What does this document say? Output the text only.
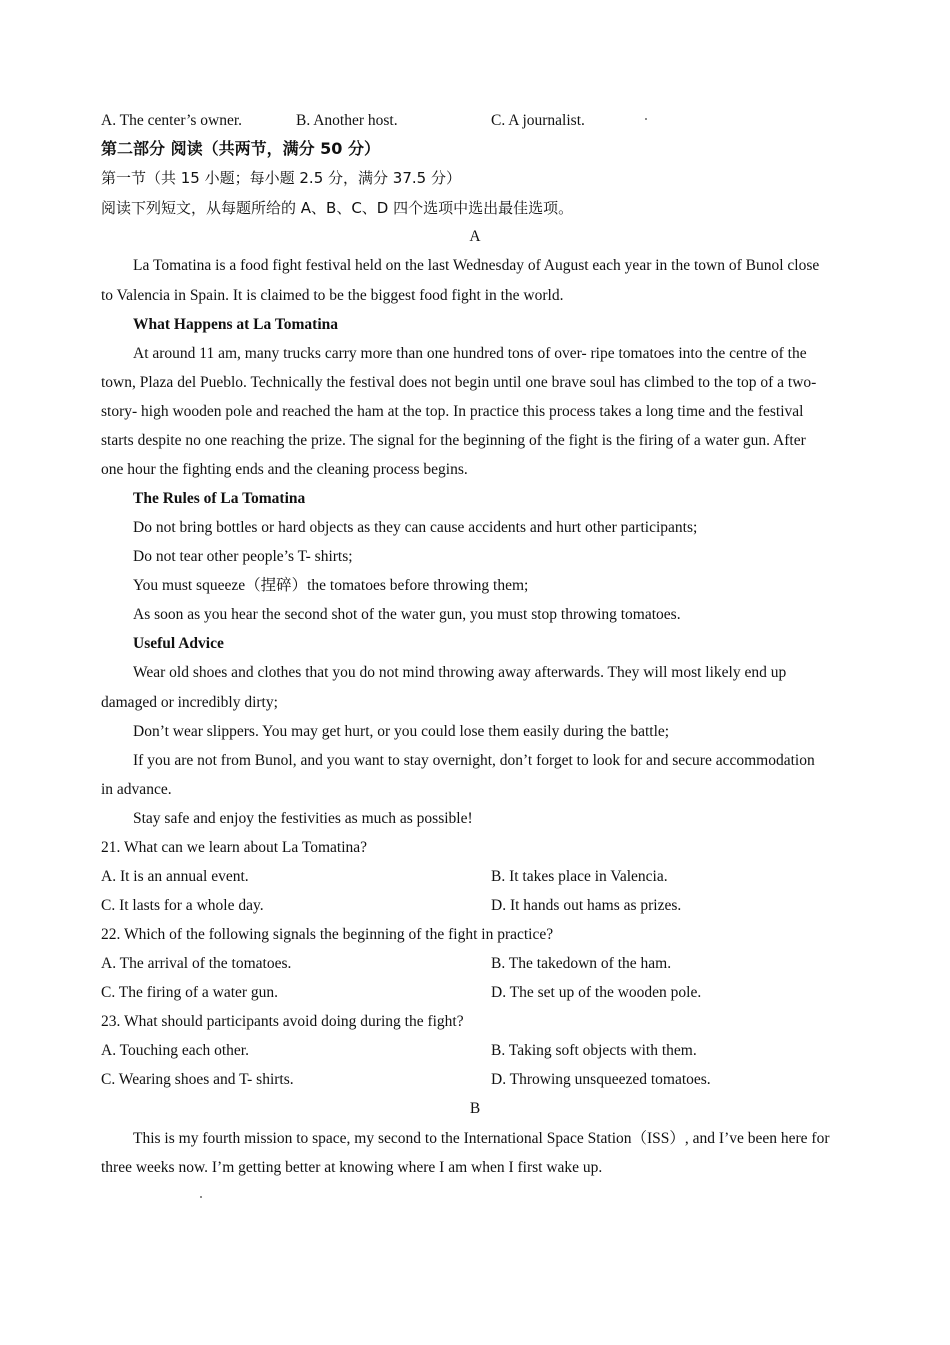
A. The center’s owner.	B. Another host.	C. A journalist.
第二部分 阅读（共两节，满分 50 分）
第一节（共 15 小题；每小题 2.5 分，满分 37.5 分）
阅读下列短文，从每题所给的 A、B、C、D 四个选项中选出最佳选项。
A
La Tomatina is a food fight festival held on the last Wednesday of August each year in the town of Bunol close
to Valencia in Spain. It is claimed to be the biggest food fight in the world.
What Happens at La Tomatina
At around 11 am, many trucks carry more than one hundred tons of over- ripe tomatoes into the centre of the
town, Plaza del Pueblo. Technically the festival does not begin until one brave soul has climbed to the top of a two-
story- high wooden pole and reached the ham at the top. In practice this process takes a long time and the festival
starts despite no one reaching the prize. The signal for the beginning of the fight is the firing of a water gun. After
one hour the fighting ends and the cleaning process begins.
The Rules of La Tomatina
Do not bring bottles or hard objects as they can cause accidents and hurt other participants;
Do not tear other people’s T- shirts;
You must squeeze（捏碎）the tomatoes before throwing them;
As soon as you hear the second shot of the water gun, you must stop throwing tomatoes.
Useful Advice
Wear old shoes and clothes that you do not mind throwing away afterwards. They will most likely end up
damaged or incredibly dirty;
Don’t wear slippers. You may get hurt, or you could lose them easily during the battle;
If you are not from Bunol, and you want to stay overnight, don’t forget to look for and secure accommodation
in advance.
Stay safe and enjoy the festivities as much as possible!
21. What can we learn about La Tomatina?
A. It is an annual event.	B. It takes place in Valencia.
C. It lasts for a whole day.	D. It hands out hams as prizes.
22. Which of the following signals the beginning of the fight in practice?
A. The arrival of the tomatoes.	B. The takedown of the ham.
C. The firing of a water gun.	D. The set up of the wooden pole.
23. What should participants avoid doing during the fight?
A. Touching each other.	B. Taking soft objects with them.
C. Wearing shoes and T- shirts.	D. Throwing unsqueezed tomatoes.
B
This is my fourth mission to space, my second to the International Space Station（ISS）, and I’ve been here for
three weeks now. I’m getting better at knowing where I am when I first wake up.
